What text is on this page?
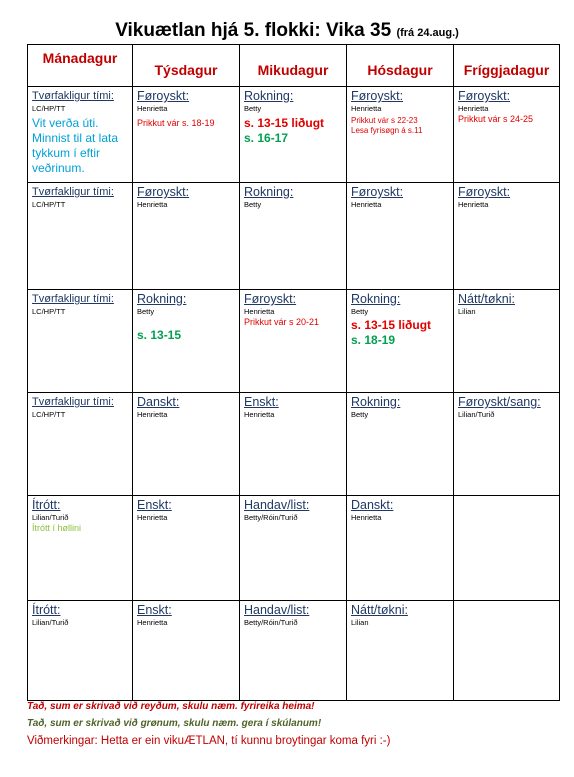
Vikuætlan hjá 5. flokki: Vika 35 (frá 24.aug.)
Mánadagur	Týsdagur	Mikudagur	Hósdagur	Fríggjadagur

Tvørfakligur tími:
LC/HP/TT
Vit verða úti. Minnist til at lata tykkum í eftir veðrinum.	Føroyskt:
Henrietta
Prikkut vár s. 18-19	Rokning:
Betty
s. 13-15 liðugt
s. 16-17	Føroyskt:
Henrietta
Prikkut vár s 22-23
Lesa fyrisøgn á s.11	Føroyskt:
Henrietta
Prikkut vár s 24-25

Tvørfakligur tími:
LC/HP/TT	Føroyskt:
Henrietta	Rokning:
Betty	Føroyskt:
Henrietta	Føroyskt:
Henrietta

Tvørfakligur tími:
LC/HP/TT	Rokning:
Betty
s. 13-15	Føroyskt:
Henrietta
Prikkut vár s 20-21	Rokning:
Betty
s. 13-15 liðugt
s. 18-19	Nátt/tøkni:
Lilian

Tvørfakligur tími:
LC/HP/TT	Danskt:
Henrietta	Enskt:
Henrietta	Rokning:
Betty	Føroyskt/sang:
Lilian/Turið

Ítrótt:
Lilian/Turið
Ítrótt í høllini	Enskt:
Henrietta	Handav/list:
Betty/Róin/Turið	Danskt:
Henrietta	

Ítrótt:
Lilian/Turið	Enskt:
Henrietta	Handav/list:
Betty/Róin/Turið	Nátt/tøkni:
Lilian	

Tað, sum er skrivað við reyðum, skulu næm. fyrireika heima!
Tað, sum er skrivað við grønum, skulu næm. gera í skúlanum!
Viðmerkingar: Hetta er ein vikuÆTLAN, tí kunnu broytingar koma fyri :-)
